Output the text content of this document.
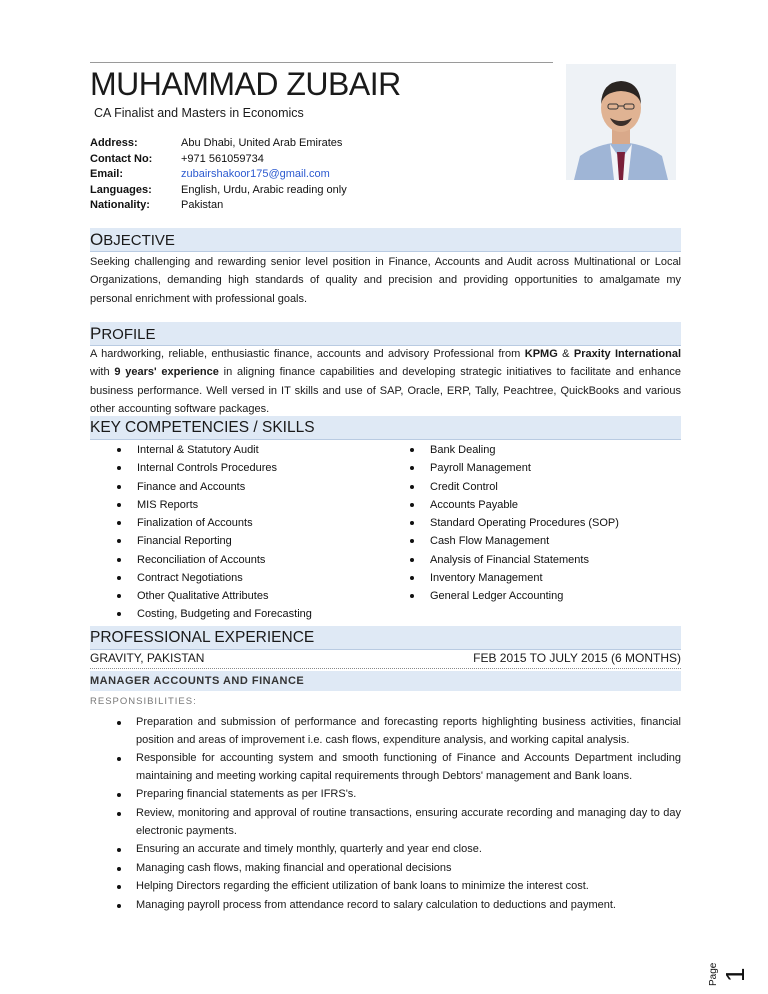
MUHAMMAD ZUBAIR
CA Finalist and Masters in Economics
Address:	Abu Dhabi, United Arab Emirates
Contact No:	+971 561059734
Email:	zubairshakoor175@gmail.com
Languages:	English, Urdu, Arabic reading only
Nationality:	Pakistan
OBJECTIVE
Seeking challenging and rewarding senior level position in Finance, Accounts and Audit across Multinational or Local Organizations, demanding high standards of quality and precision and providing opportunities to amalgamate my personal enrichment with professional goals.
PROFILE
A hardworking, reliable, enthusiastic finance, accounts and advisory Professional from KPMG & Praxity International with 9 years' experience in aligning finance capabilities and developing strategic initiatives to facilitate and enhance business performance. Well versed in IT skills and use of SAP, Oracle, ERP, Tally, Peachtree, QuickBooks and various other accounting software packages.
KEY COMPETENCIES / SKILLS
Internal & Statutory Audit
Internal Controls Procedures
Finance and Accounts
MIS Reports
Finalization of Accounts
Financial Reporting
Reconciliation of Accounts
Contract Negotiations
Other Qualitative Attributes
Costing, Budgeting and Forecasting
Bank Dealing
Payroll Management
Credit Control
Accounts Payable
Standard Operating Procedures (SOP)
Cash Flow Management
Analysis of Financial Statements
Inventory Management
General Ledger Accounting
PROFESSIONAL EXPERIENCE
GRAVITY, PAKISTAN	FEB 2015 TO JULY 2015 (6 MONTHS)
MANAGER ACCOUNTS AND FINANCE
RESPONSIBILITIES:
Preparation and submission of performance and forecasting reports highlighting business activities, financial position and areas of improvement i.e. cash flows, expenditure analysis, and working capital analysis.
Responsible for accounting system and smooth functioning of Finance and Accounts Department including maintaining and meeting working capital requirements through Debtors' management and Bank loans.
Preparing financial statements as per IFRS's.
Review, monitoring and approval of routine transactions, ensuring accurate recording and managing day to day electronic payments.
Ensuring an accurate and timely monthly, quarterly and year end close.
Managing cash flows, making financial and operational decisions
Helping Directors regarding the efficient utilization of bank loans to minimize the interest cost.
Managing payroll process from attendance record to salary calculation to deductions and payment.
Page 1
